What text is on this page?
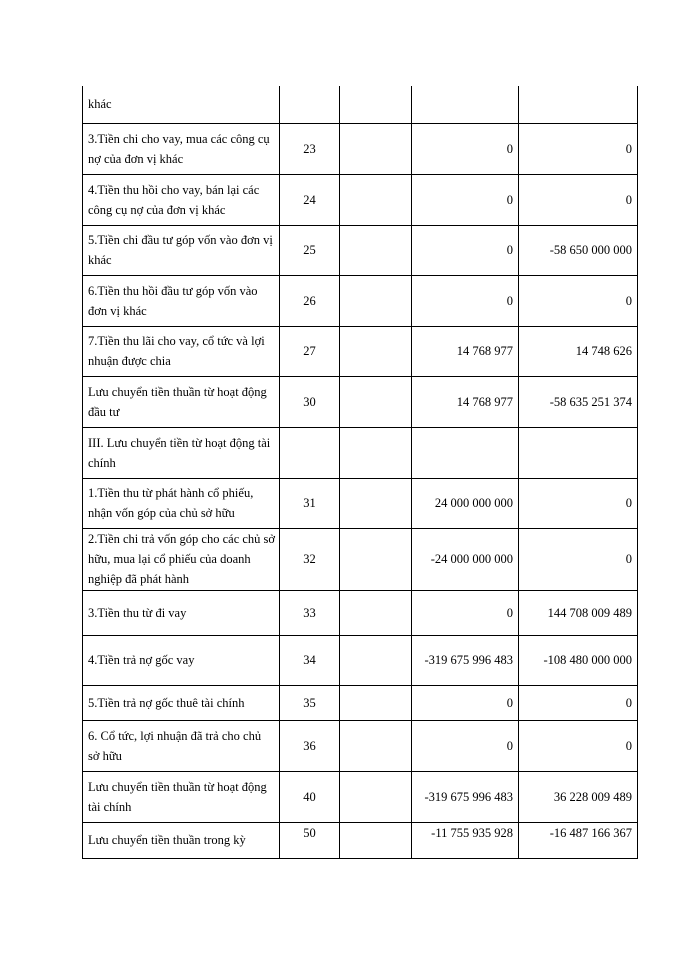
khác				
3.Tiền chi cho vay, mua các công cụ nợ của đơn vị khác	23		0	0
4.Tiền thu hồi cho vay, bán lại các công cụ nợ của đơn vị khác	24		0	0
5.Tiền chi đầu tư góp vốn vào đơn vị khác	25		0	-58 650 000 000
6.Tiền thu hồi đầu tư góp vốn vào đơn vị khác	26		0	0
7.Tiền thu lãi cho vay, cổ tức và lợi nhuận được chia	27		14 768 977	14 748 626
Lưu chuyển tiền thuần từ hoạt động đầu tư	30		14 768 977	-58 635 251 374
III. Lưu chuyển tiền từ hoạt động tài chính				
1.Tiền thu từ phát hành cổ phiếu, nhận vốn góp của chủ sở hữu	31		24 000 000 000	0
2.Tiền chi trả vốn góp cho các chủ sở hữu, mua lại cổ phiếu của doanh nghiệp đã phát hành	32		-24 000 000 000	0
3.Tiền thu từ đi vay	33		0	144 708 009 489
4.Tiền trả nợ gốc vay	34		-319 675 996 483	-108 480 000 000
5.Tiền trả nợ gốc thuê tài chính	35		0	0
6. Cổ tức, lợi nhuận đã trả cho chủ sở hữu	36		0	0
Lưu chuyển tiền thuần từ hoạt động tài chính	40		-319 675 996 483	36 228 009 489
Lưu chuyển tiền thuần trong kỳ	50		-11 755 935 928	-16 487 166 367
